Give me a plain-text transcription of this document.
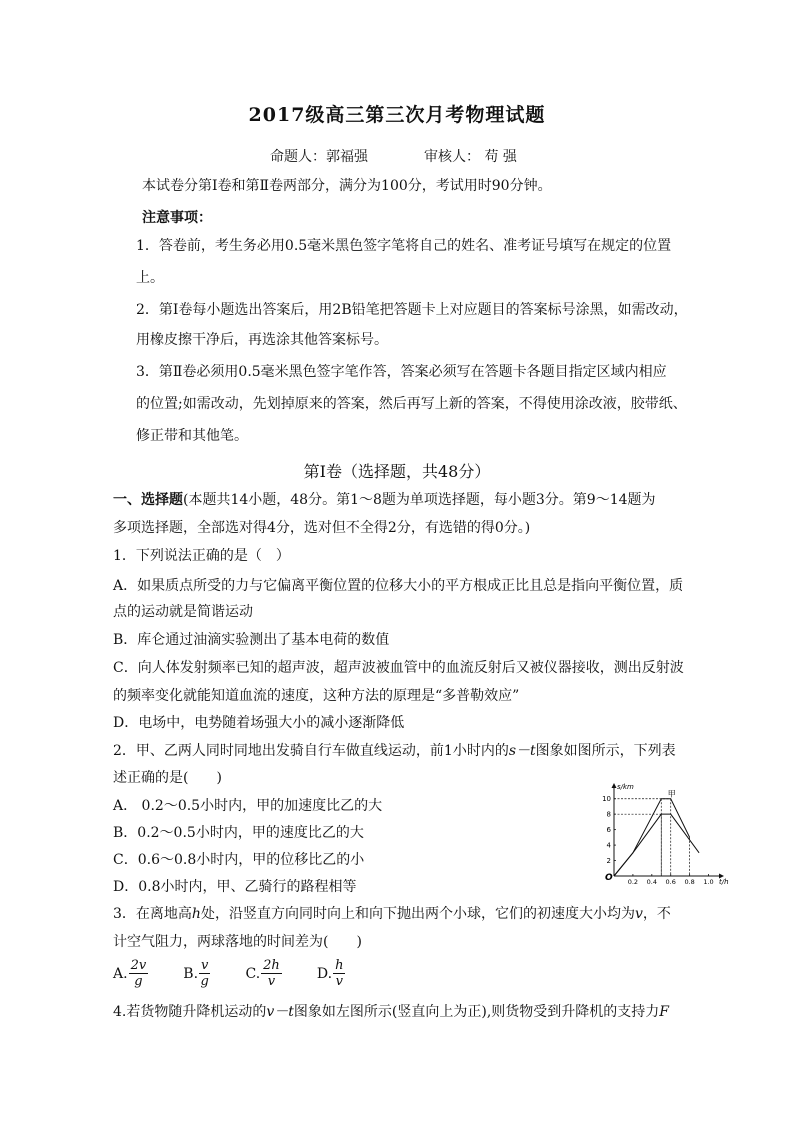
2017级高三第三次月考物理试题
命题人：郭福强	审核人： 苟 强
本试卷分第Ⅰ卷和第Ⅱ卷两部分，满分为100分，考试用时90分钟。
注意事项：
1．答卷前，考生务必用0.5毫米黑色签字笔将自己的姓名、准考证号填写在规定的位置
上。
2．第Ⅰ卷每小题选出答案后，用2B铅笔把答题卡上对应题目的答案标号涂黑，如需改动，
用橡皮擦干净后，再选涂其他答案标号。
3．第Ⅱ卷必须用0.5毫米黑色签字笔作答，答案必须写在答题卡各题目指定区域内相应
的位置;如需改动，先划掉原来的答案，然后再写上新的答案，不得使用涂改液，胶带纸、
修正带和其他笔。
第Ⅰ卷（选择题，共48分）
一、选择题(本题共14小题，48分。第1～8题为单项选择题，每小题3分。第9～14题为
多项选择题，全部选对得4分，选对但不全得2分，有选错的得0分。)
1．下列说法正确的是（　）
A．如果质点所受的力与它偏离平衡位置的位移大小的平方根成正比且总是指向平衡位置，质
点的运动就是简谐运动
B．库仑通过油滴实验测出了基本电荷的数值
C．向人体发射频率已知的超声波，超声波被血管中的血流反射后又被仪器接收，测出反射波
的频率变化就能知道血流的速度，这种方法的原理是“多普勒效应”
D．电场中，电势随着场强大小的减小逐渐降低
2．甲、乙两人同时同地出发骑自行车做直线运动，前1小时内的s－t图象如图所示，下列表
述正确的是(　　)
A． 0.2～0.5小时内，甲的加速度比乙的大
B．0.2～0.5小时内，甲的速度比乙的大
C．0.6～0.8小时内，甲的位移比乙的小
D．0.8小时内，甲、乙骑行的路程相等
s/km
t/h
O 0.2 0.4 0.6 0.8 1.0
2
4
6
8
10
甲
3．在离地高h处，沿竖直方向同时向上和向下抛出两个小球，它们的初速度大小均为v，不
计空气阻力，两球落地的时间差为(　　)
A. $\frac{2v}{g}$
	B. $\frac{v}{g}$
	C. $\frac{2h}{v}$
	D. $\frac{h}{v}$
4.若货物随升降机运动的v－t图象如左图所示(竖直向上为正),则货物受到升降机的支持力F
